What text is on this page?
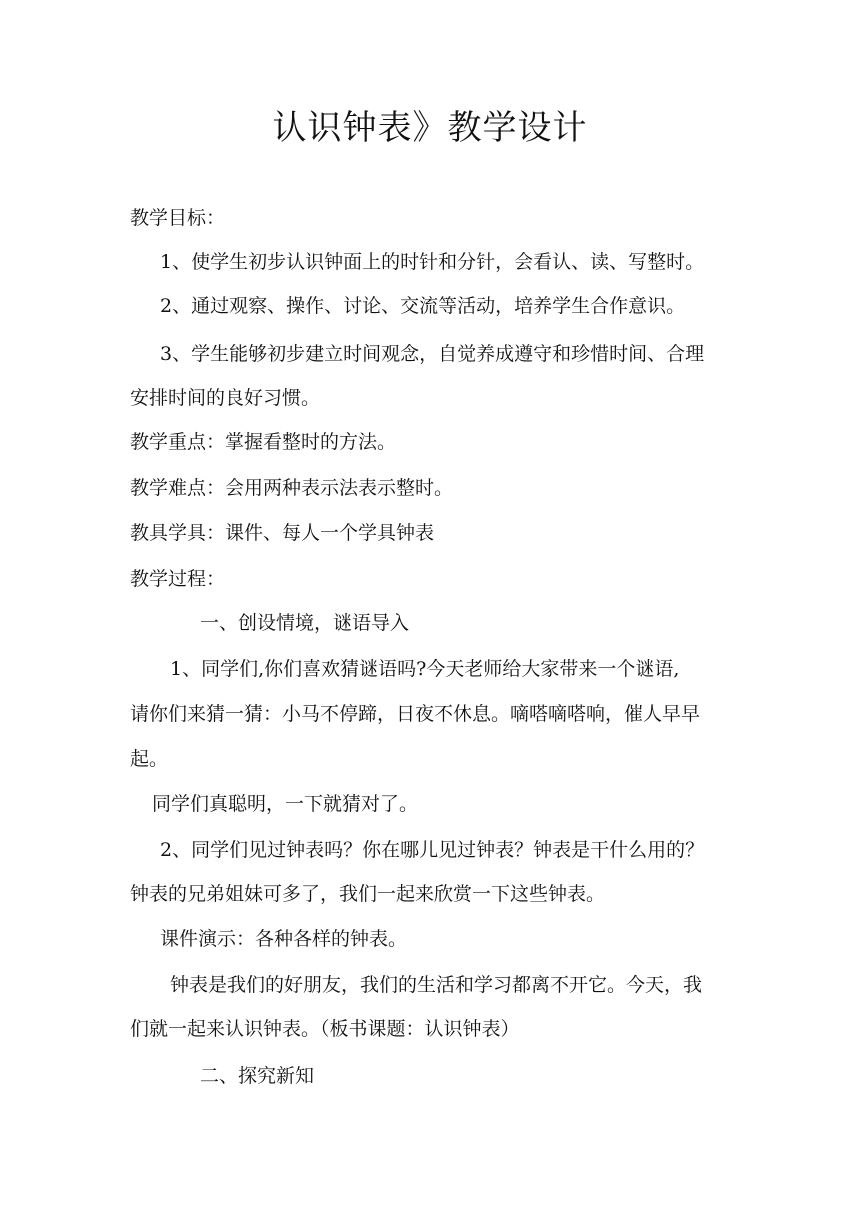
认识钟表》教学设计
教学目标：
1、使学生初步认识钟面上的时针和分针，会看认、读、写整时。
2、通过观察、操作、讨论、交流等活动，培养学生合作意识。
3、学生能够初步建立时间观念，自觉养成遵守和珍惜时间、合理
安排时间的良好习惯。
教学重点：掌握看整时的方法。
教学难点：会用两种表示法表示整时。
教具学具：课件、每人一个学具钟表
教学过程：
一、创设情境，谜语导入
1、同学们,你们喜欢猜谜语吗?今天老师给大家带来一个谜语,
请你们来猜一猜：小马不停蹄，日夜不休息。嘀嗒嘀嗒响，催人早早
起。
同学们真聪明，一下就猜对了。
2、同学们见过钟表吗？你在哪儿见过钟表？钟表是干什么用的？
钟表的兄弟姐妹可多了，我们一起来欣赏一下这些钟表。
课件演示：各种各样的钟表。
钟表是我们的好朋友，我们的生活和学习都离不开它。今天，我
们就一起来认识钟表。（板书课题：认识钟表）
二、探究新知
